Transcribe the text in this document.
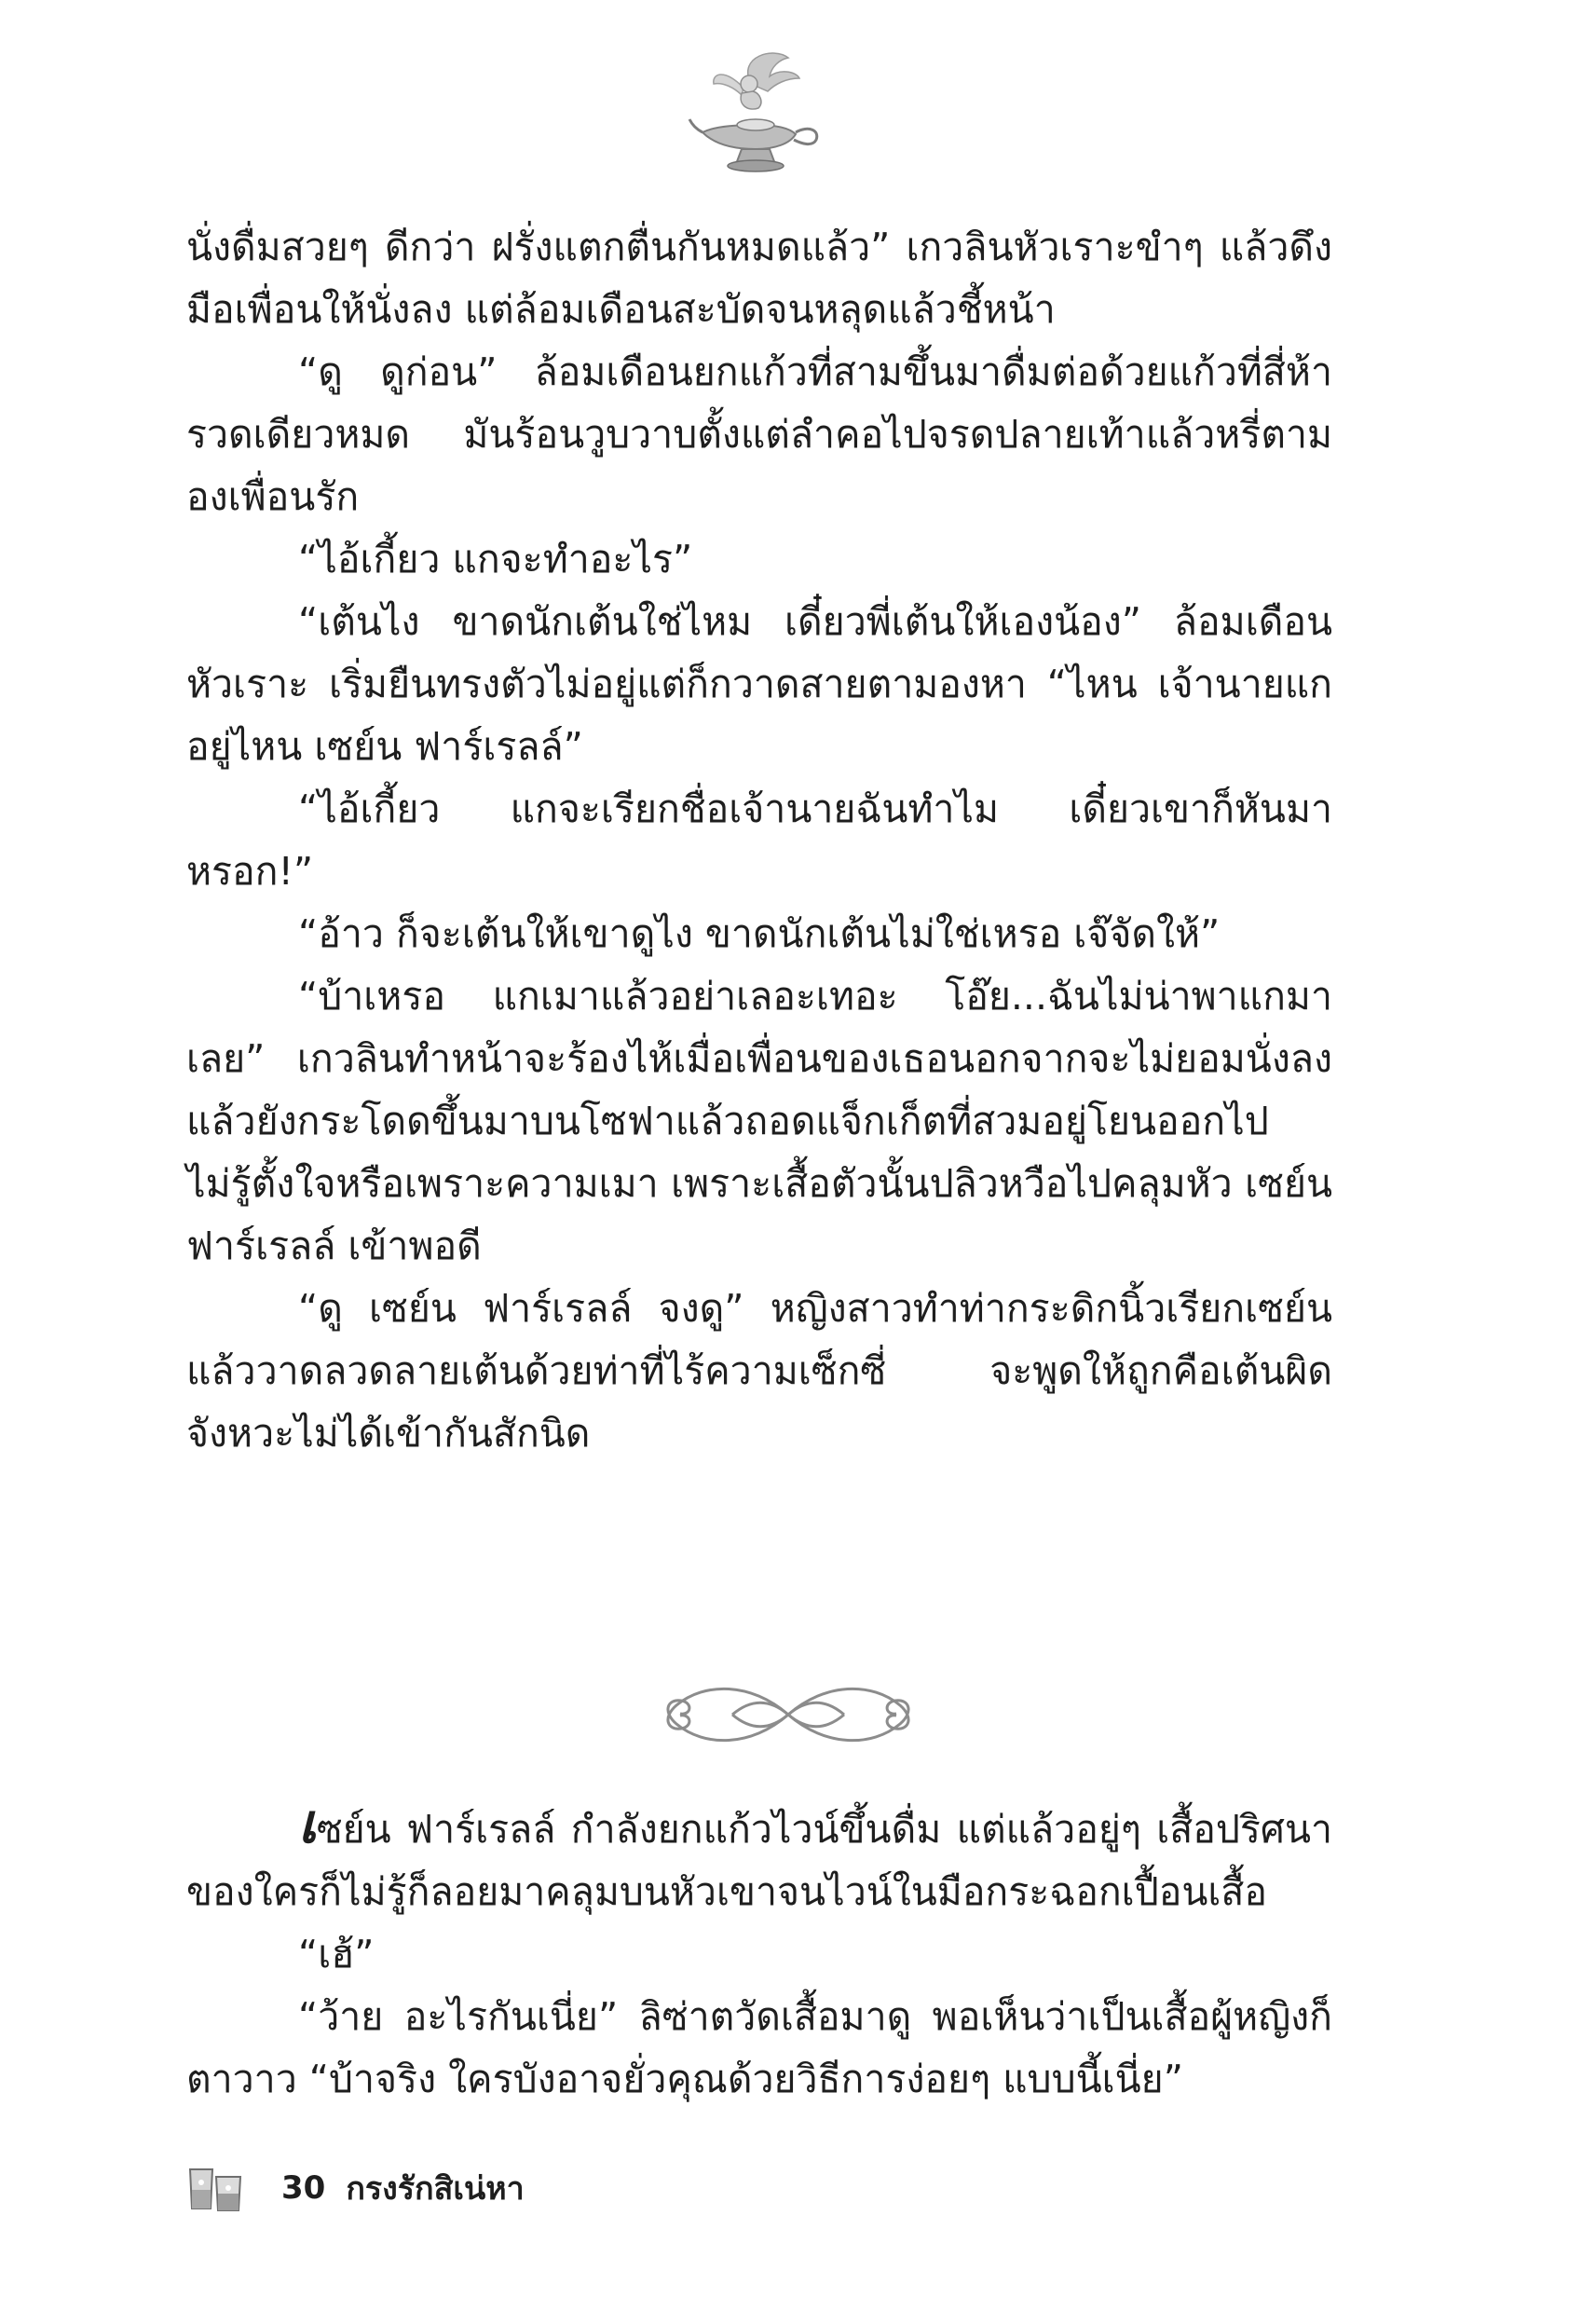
นั่งดื่มสวยๆ ดีกว่า ฝรั่งแตกตื่นกันหมดแล้ว” เกวลินหัวเราะขำๆ แล้วดึงมือเพื่อนให้นั่งลง แต่ล้อมเดือนสะบัดจนหลุดแล้วชี้หน้า

“ดู ดูก่อน” ล้อมเดือนยกแก้วที่สามขึ้นมาดื่มต่อด้วยแก้วที่สี่ห้ารวดเดียวหมด มันร้อนวูบวาบตั้งแต่ลำคอไปจรดปลายเท้าแล้วหรี่ตามองเพื่อนรัก

“ไอ้เกี้ยว แกจะทำอะไร”

“เต้นไง ขาดนักเต้นใช่ไหม เดี๋ยวพี่เต้นให้เองน้อง” ล้อมเดือนหัวเราะ เริ่มยืนทรงตัวไม่อยู่แต่ก็กวาดสายตามองหา “ไหน เจ้านายแกอยู่ไหน เซย์น ฟาร์เรลล์”

“ไอ้เกี้ยว แกจะเรียกชื่อเจ้านายฉันทำไม เดี๋ยวเขาก็หันมาหรอก!”

“อ้าว ก็จะเต้นให้เขาดูไง ขาดนักเต้นไม่ใช่เหรอ เจ๊จัดให้”

“บ้าเหรอ แกเมาแล้วอย่าเลอะเทอะ โอ๊ย...ฉันไม่น่าพาแกมาเลย” เกวลินทำหน้าจะร้องไห้เมื่อเพื่อนของเธอนอกจากจะไม่ยอมนั่งลงแล้วยังกระโดดขึ้นมาบนโซฟาแล้วถอดแจ็กเก็ตที่สวมอยู่โยนออกไป ไม่รู้ตั้งใจหรือเพราะความเมา เพราะเสื้อตัวนั้นปลิวหวือไปคลุมหัว เซย์น ฟาร์เรลล์ เข้าพอดี

“ดู เซย์น ฟาร์เรลล์ จงดู” หญิงสาวทำท่ากระดิกนิ้วเรียกเซย์นแล้ววาดลวดลายเต้นด้วยท่าที่ไร้ความเซ็กซี่ จะพูดให้ถูกคือเต้นผิดจังหวะไม่ได้เข้ากันสักนิด

เซย์น ฟาร์เรลล์ กำลังยกแก้วไวน์ขึ้นดื่ม แต่แล้วอยู่ๆ เสื้อปริศนาของใครก็ไม่รู้ก็ลอยมาคลุมบนหัวเขาจนไวน์ในมือกระฉอกเปื้อนเสื้อ

“เฮ้”

“ว้าย อะไรกันเนี่ย” ลิซ่าตวัดเสื้อมาดู พอเห็นว่าเป็นเสื้อผู้หญิงก็ตาวาว “บ้าจริง ใครบังอาจยั่วคุณด้วยวิธีการง่อยๆ แบบนี้เนี่ย”

30 กรงรักสิเน่หา
